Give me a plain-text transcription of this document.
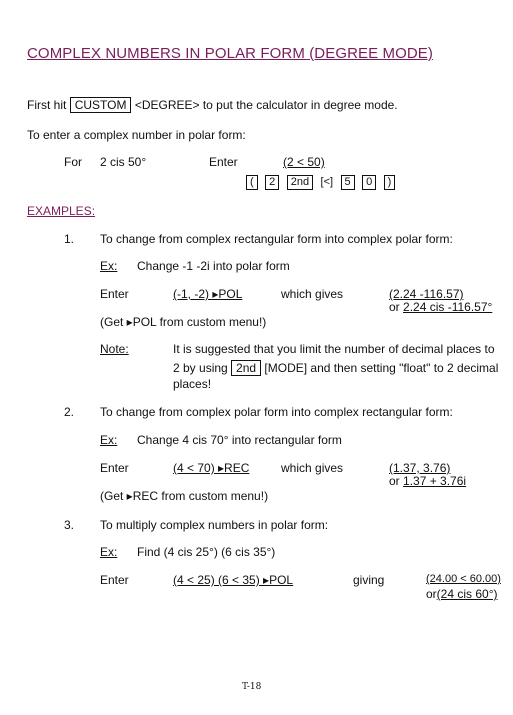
COMPLEX NUMBERS IN POLAR FORM (DEGREE MODE)
First hit CUSTOM <DEGREE> to put the calculator in degree mode.
To enter a complex number in polar form:
For 2 cis 50°	Enter	(2 < 50)
( 2 2nd [<] 5 0 )
EXAMPLES:
1. To change from complex rectangular form into complex polar form:
Ex: Change -1 -2i into polar form
Enter	(-1, -2) ▸POL	which gives	(2.24 -116.57)
or 2.24 cis -116.57°
(Get ▸POL from custom menu!)
Note:	It is suggested that you limit the number of decimal places to
2 by using 2nd [MODE] and then setting "float" to 2 decimal
places!
2. To change from complex polar form into complex rectangular form:
Ex: Change 4 cis 70° into rectangular form
Enter	(4 < 70) ▸REC	which gives	(1.37, 3.76)
or 1.37 + 3.76i
(Get ▸REC from custom menu!)
3. To multiply complex numbers in polar form:
Ex: Find (4 cis 25°) (6 cis 35°)
Enter	(4 < 25) (6 < 35) ▸POL	giving	(24.00 < 60.00)
or(24 cis 60°)
T-18
